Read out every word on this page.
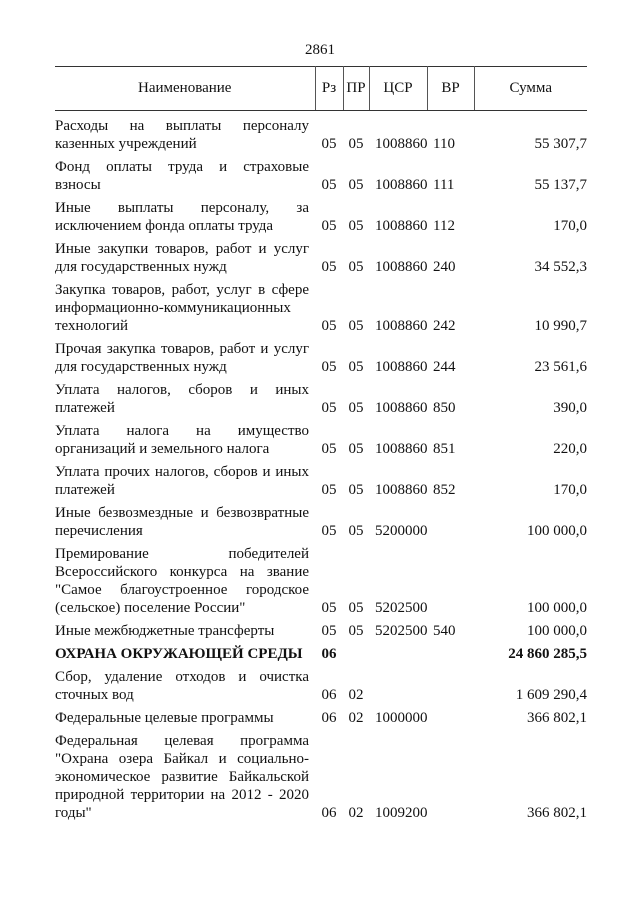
2861
Наименование	Рз	ПР	ЦСР	ВР	Сумма
Расходы на выплаты персоналу казенных учреждений	05	05	1008860	110	55 307,7
Фонд оплаты труда и страховые взносы	05	05	1008860	111	55 137,7
Иные выплаты персоналу, за исключением фонда оплаты труда	05	05	1008860	112	170,0
Иные закупки товаров, работ и услуг для государственных нужд	05	05	1008860	240	34 552,3
Закупка товаров, работ, услуг в сфере информационно-коммуникационных технологий	05	05	1008860	242	10 990,7
Прочая закупка товаров, работ и услуг для государственных нужд	05	05	1008860	244	23 561,6
Уплата налогов, сборов и иных платежей	05	05	1008860	850	390,0
Уплата налога на имущество организаций и земельного налога	05	05	1008860	851	220,0
Уплата прочих налогов, сборов и иных платежей	05	05	1008860	852	170,0
Иные безвозмездные и безвозвратные перечисления	05	05	5200000		100 000,0
Премирование победителей Всероссийского конкурса на звание "Самое благоустроенное городское (сельское) поселение России"	05	05	5202500		100 000,0
Иные межбюджетные трансферты	05	05	5202500	540	100 000,0
ОХРАНА ОКРУЖАЮЩЕЙ СРЕДЫ	06				24 860 285,5
Сбор, удаление отходов и очистка сточных вод	06	02			1 609 290,4
Федеральные целевые программы	06	02	1000000		366 802,1
Федеральная целевая программа "Охрана озера Байкал и социально-экономическое развитие Байкальской природной территории на 2012 - 2020 годы"	06	02	1009200		366 802,1
